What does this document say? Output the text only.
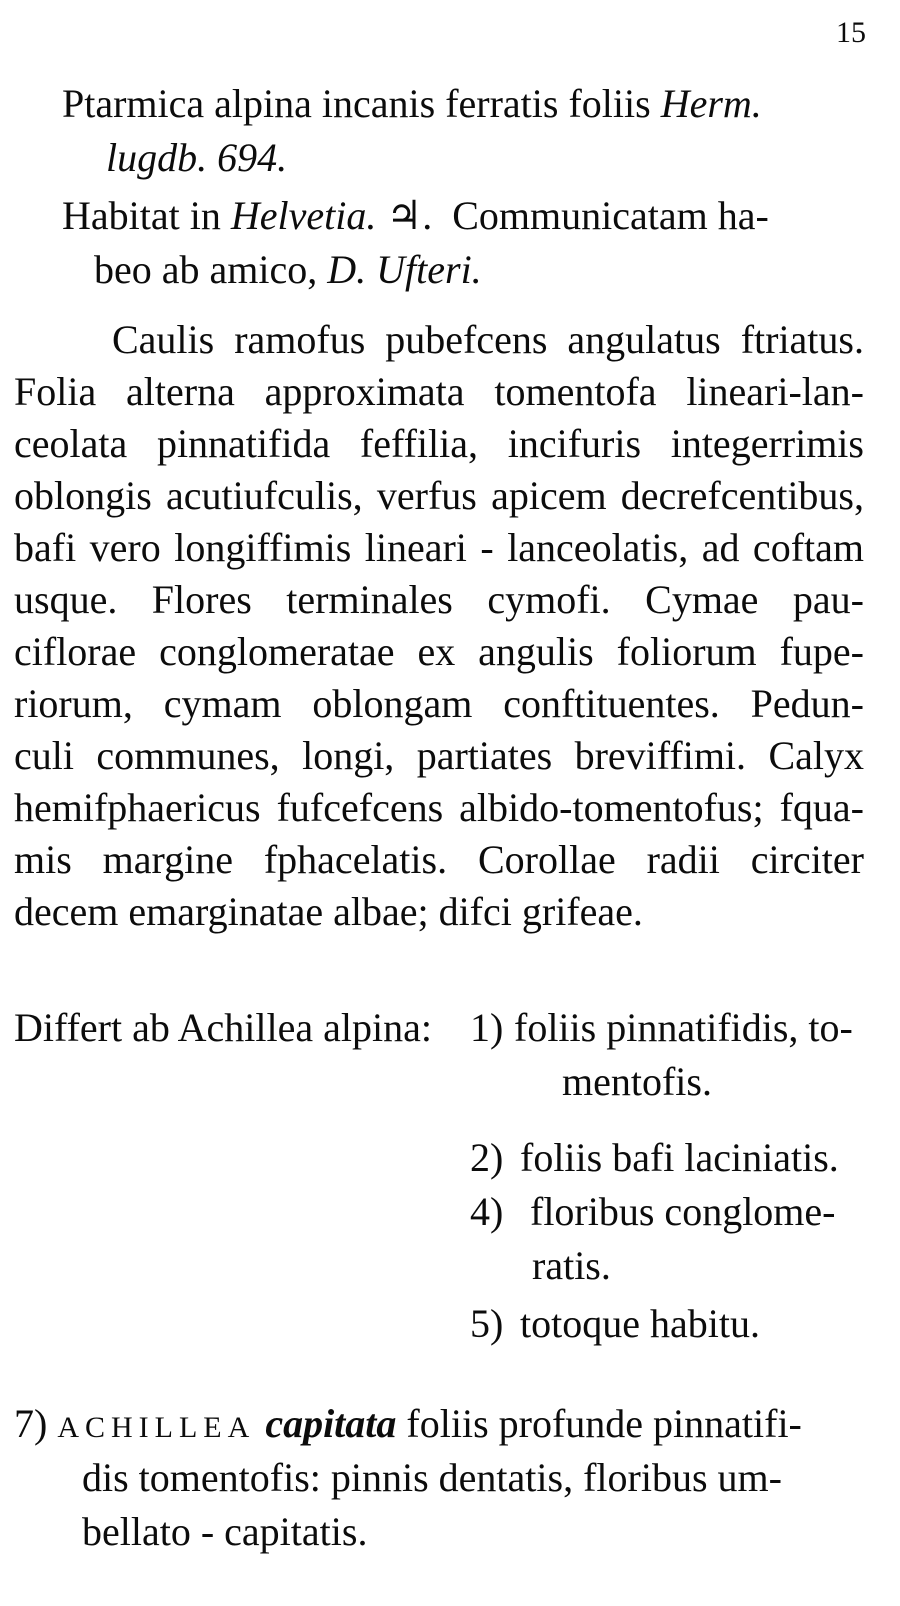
15
Ptarmica alpina incanis ferratis foliis Herm.
lugdb. 694.
Habitat in Helvetia. ♃. Communicatam ha-
beo ab amico, D. Ufteri.
Caulis ramofus pubefcens angulatus ftriatus.
Folia alterna approximata tomentofa lineari-lan-
ceolata pinnatifida feffilia, incifuris integerrimis
oblongis acutiufculis, verfus apicem decrefcentibus,
bafi vero longiffimis lineari - lanceolatis, ad coftam
usque. Flores terminales cymofi. Cymae pau-
ciflorae conglomeratae ex angulis foliorum fupe-
riorum, cymam oblongam conftituentes. Pedun-
culi communes, longi, partiates breviffimi. Calyx
hemifphaericus fufcefcens albido-tomentofus; fqua-
mis margine fphacelatis. Corollae radii circiter
decem emarginatae albae; difci grifeae.
Differt ab Achillea alpina: 1) foliis pinnatifidis, to-
mentofis.
2) foliis bafi laciniatis.
4) floribus conglome-
ratis.
5) totoque habitu.
7) ACHILLEA capitata foliis profunde pinnatifi-
dis tomentofis: pinnis dentatis, floribus um-
bellato - capitatis.
